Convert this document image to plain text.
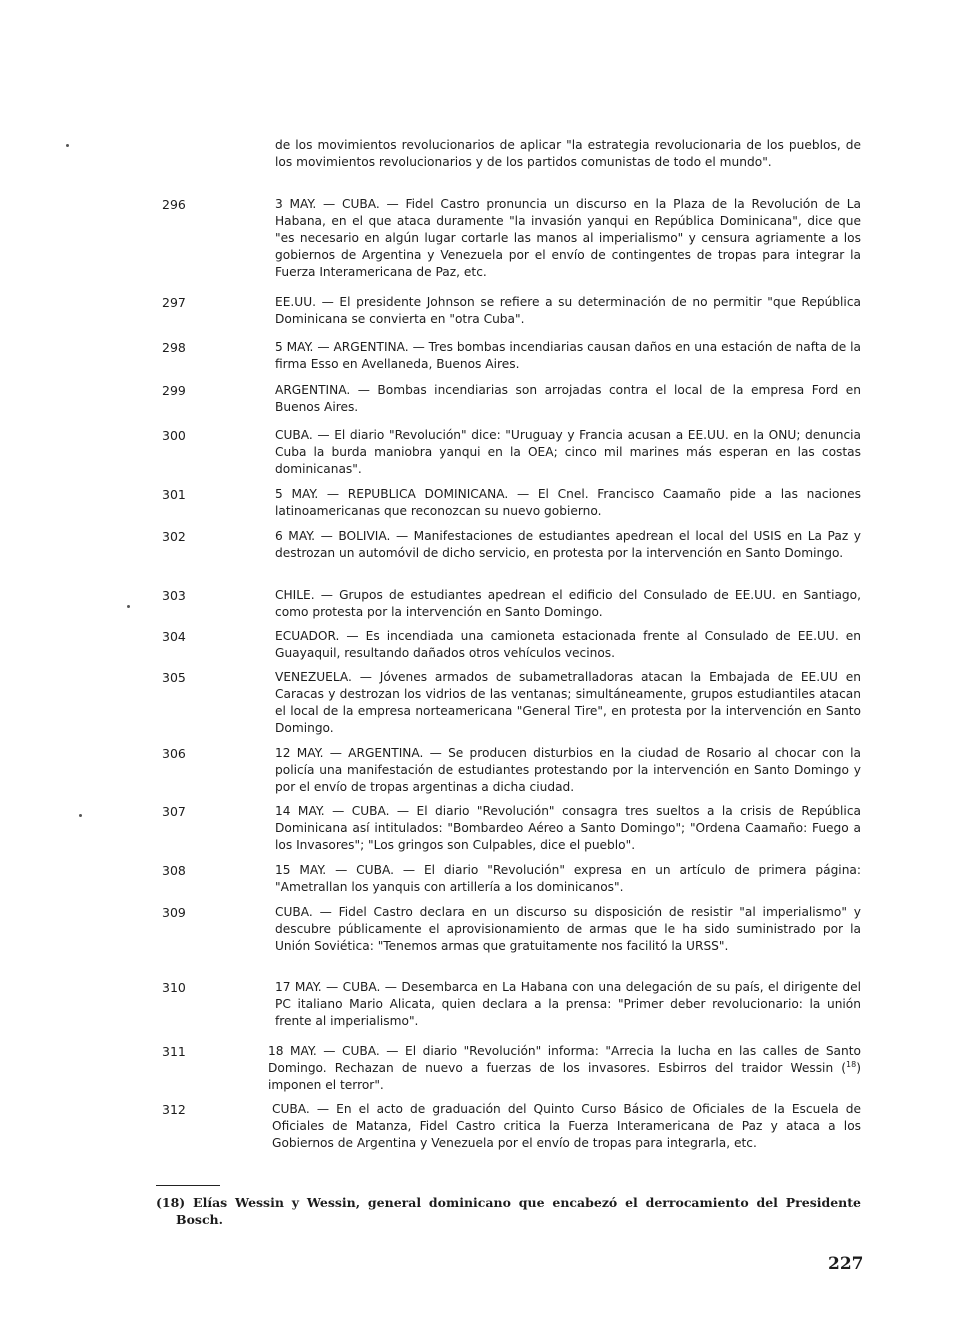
de los movimientos revolucionarios de aplicar "la estrategia revolucionaria de los pueblos, de los movimientos revolucionarios y de los partidos comunistas de todo el mundo".

296	3 MAY. — CUBA. — Fidel Castro pronuncia un discurso en la Plaza de la Revolución de La Habana, en el que ataca duramente "la invasión yanqui en República Dominicana", dice que "es necesario en algún lugar cortarle las manos al imperialismo" y censura agriamente a los gobiernos de Argentina y Venezuela por el envío de contingentes de tropas para integrar la Fuerza Interamericana de Paz, etc.
297	EE.UU. — El presidente Johnson se refiere a su determinación de no permitir "que República Dominicana se convierta en "otra Cuba".
298	5 MAY. — ARGENTINA. — Tres bombas incendiarias causan daños en una estación de nafta de la firma Esso en Avellaneda, Buenos Aires.
299	ARGENTINA. — Bombas incendiarias son arrojadas contra el local de la empresa Ford en Buenos Aires.
300	CUBA. — El diario "Revolución" dice: "Uruguay y Francia acusan a EE.UU. en la ONU; denuncia Cuba la burda maniobra yanqui en la OEA; cinco mil marines más esperan en las costas dominicanas".
301	5 MAY. — REPUBLICA DOMINICANA. — El Cnel. Francisco Caamaño pide a las naciones latinoamericanas que reconozcan su nuevo gobierno.
302	6 MAY. — BOLIVIA. — Manifestaciones de estudiantes apedrean el local del USIS en La Paz y destrozan un automóvil de dicho servicio, en protesta por la intervención en Santo Domingo.
303	CHILE. — Grupos de estudiantes apedrean el edificio del Consulado de EE.UU. en Santiago, como protesta por la intervención en Santo Domingo.
304	ECUADOR. — Es incendiada una camioneta estacionada frente al Consulado de EE.UU. en Guayaquil, resultando dañados otros vehículos vecinos.
305	VENEZUELA. — Jóvenes armados de subametralladoras atacan la Embajada de EE.UU en Caracas y destrozan los vidrios de las ventanas; simultáneamente, grupos estudiantiles atacan el local de la empresa norteamericana "General Tire", en protesta por la intervención en Santo Domingo.
306	12 MAY. — ARGENTINA. — Se producen disturbios en la ciudad de Rosario al chocar con la policía una manifestación de estudiantes protestando por la intervención en Santo Domingo y por el envío de tropas argentinas a dicha ciudad.
307	14 MAY. — CUBA. — El diario "Revolución" consagra tres sueltos a la crisis de República Dominicana así intitulados: "Bombardeo Aéreo a Santo Domingo"; "Ordena Caamaño: Fuego a los Invasores"; "Los gringos son Culpables, dice el pueblo".
308	15 MAY. — CUBA. — El diario "Revolución" expresa en un artículo de primera página: "Ametrallan los yanquis con artillería a los dominicanos".
309	CUBA. — Fidel Castro declara en un discurso su disposición de resistir "al imperialismo" y descubre públicamente el aprovisionamiento de armas que le ha sido suministrado por la Unión Soviética: "Tenemos armas que gratuitamente nos facilitó la URSS".
310	17 MAY. — CUBA. — Desembarca en La Habana con una delegación de su país, el dirigente del PC italiano Mario Alicata, quien declara a la prensa: "Primer deber revolucionario: la unión frente al imperialismo".
311	18 MAY. — CUBA. — El diario "Revolución" informa: "Arrecia la lucha en las calles de Santo Domingo. Rechazan de nuevo a fuerzas de los invasores. Esbirros del traidor Wessin ($^{18}$) imponen el terror".
312	CUBA. — En el acto de graduación del Quinto Curso Básico de Oficiales de la Escuela de Oficiales de Matanza, Fidel Castro critica la Fuerza Interamericana de Paz y ataca a los Gobiernos de Argentina y Venezuela por el envío de tropas para integrarla, etc.

(18) Elías Wessin y Wessin, general dominicano que encabezó el derrocamiento del Presidente Bosch.

227
